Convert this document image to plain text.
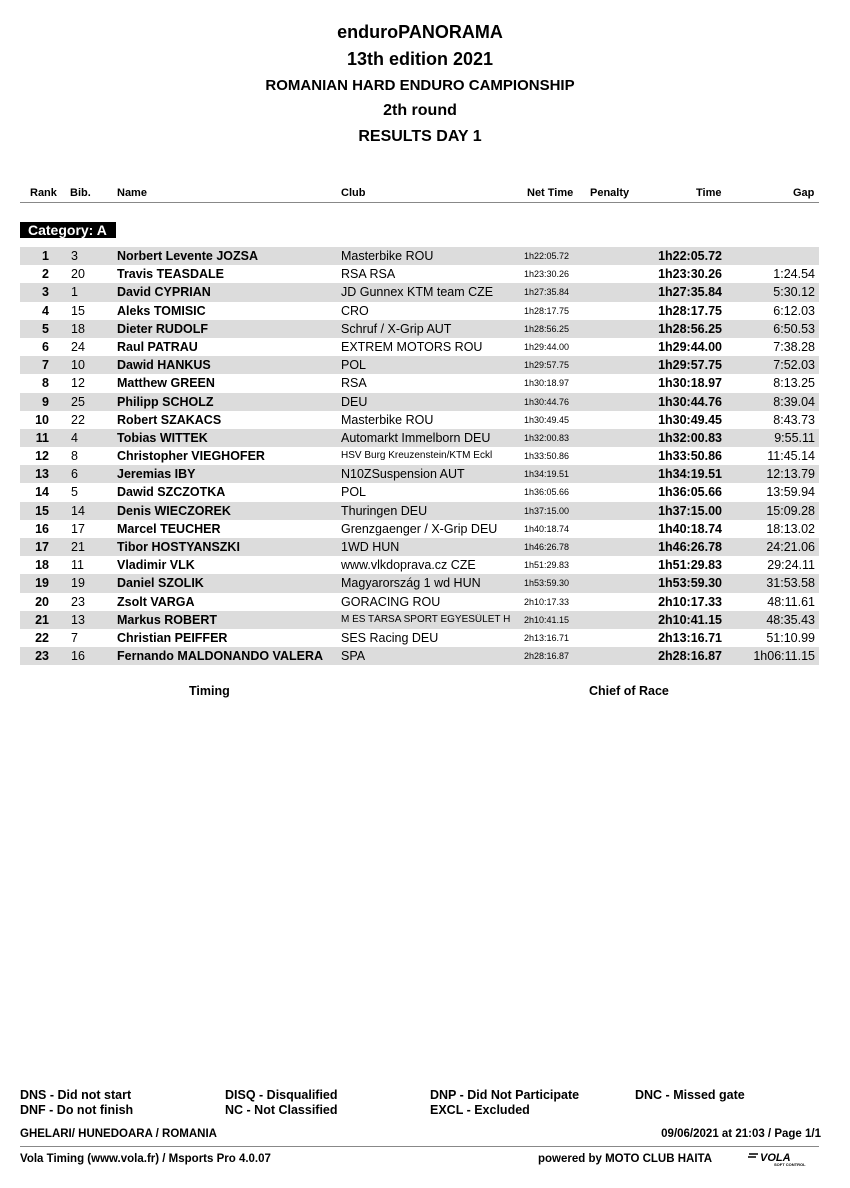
enduroPANORAMA
13th edition 2021
ROMANIAN HARD ENDURO CAMPIONSHIP
2th round
RESULTS DAY 1
Rank Bib. Name	Club	Net Time Penalty	Time	Gap
Category: A
1 3	Norbert Levente JOZSA	Masterbike ROU	1h22:05.72	1h22:05.72
2 20	Travis TEASDALE	RSA RSA	1h23:30.26	1h23:30.26	1:24.54
3 1	David CYPRIAN	JD Gunnex KTM team CZE	1h27:35.84	1h27:35.84	5:30.12
4 15	Aleks TOMISIC	CRO	1h28:17.75	1h28:17.75	6:12.03
5 18	Dieter RUDOLF	Schruf / X-Grip AUT	1h28:56.25	1h28:56.25	6:50.53
6 24	Raul PATRAU	EXTREM MOTORS ROU	1h29:44.00	1h29:44.00	7:38.28
7 10	Dawid HANKUS	POL	1h29:57.75	1h29:57.75	7:52.03
8 12	Matthew GREEN	RSA	1h30:18.97	1h30:18.97	8:13.25
9 25	Philipp SCHOLZ	DEU	1h30:44.76	1h30:44.76	8:39.04
10 22	Robert SZAKACS	Masterbike ROU	1h30:49.45	1h30:49.45	8:43.73
11 4	Tobias WITTEK	Automarkt Immelborn DEU	1h32:00.83	1h32:00.83	9:55.11
12 8	Christopher VIEGHOFER	HSV Burg Kreuzenstein/KTM Eckl	1h33:50.86	1h33:50.86	11:45.14
13 6	Jeremias IBY	N10ZSuspension AUT	1h34:19.51	1h34:19.51	12:13.79
14 5	Dawid SZCZOTKA	POL	1h36:05.66	1h36:05.66	13:59.94
15 14	Denis WIECZOREK	Thuringen DEU	1h37:15.00	1h37:15.00	15:09.28
16 17	Marcel TEUCHER	Grenzgaenger / X-Grip DEU	1h40:18.74	1h40:18.74	18:13.02
17 21	Tibor HOSTYANSZKI	1WD HUN	1h46:26.78	1h46:26.78	24:21.06
18 11	Vladimir VLK	www.vlkdoprava.cz CZE	1h51:29.83	1h51:29.83	29:24.11
19 19	Daniel SZOLIK	Magyarország 1 wd HUN	1h53:59.30	1h53:59.30	31:53.58
20 23	Zsolt VARGA	GORACING ROU	2h10:17.33	2h10:17.33	48:11.61
21 13	Markus ROBERT	M ÉS TÁRSA SPORT EGYESÜLET H	2h10:41.15	2h10:41.15	48:35.43
22 7	Christian PEIFFER	SES Racing DEU	2h13:16.71	2h13:16.71	51:10.99
23 16	Fernando MALDONANDO VALERA	SPA	2h28:16.87	2h28:16.87	1h06:11.15
Timing	Chief of Race
DNS - Did not start
DNF - Do not finish
DISQ - Disqualified
NC - Not Classified
DNP - Did Not Participate
EXCL - Excluded
DNC - Missed gate
GHELARI/ HUNEDOARA / ROMANIA	09/06/2021 at 21:03 / Page 1/1
Vola Timing (www.vola.fr) / Msports Pro 4.0.07	powered by MOTO CLUB HAITA	VOLA
SOFT CONTROL
